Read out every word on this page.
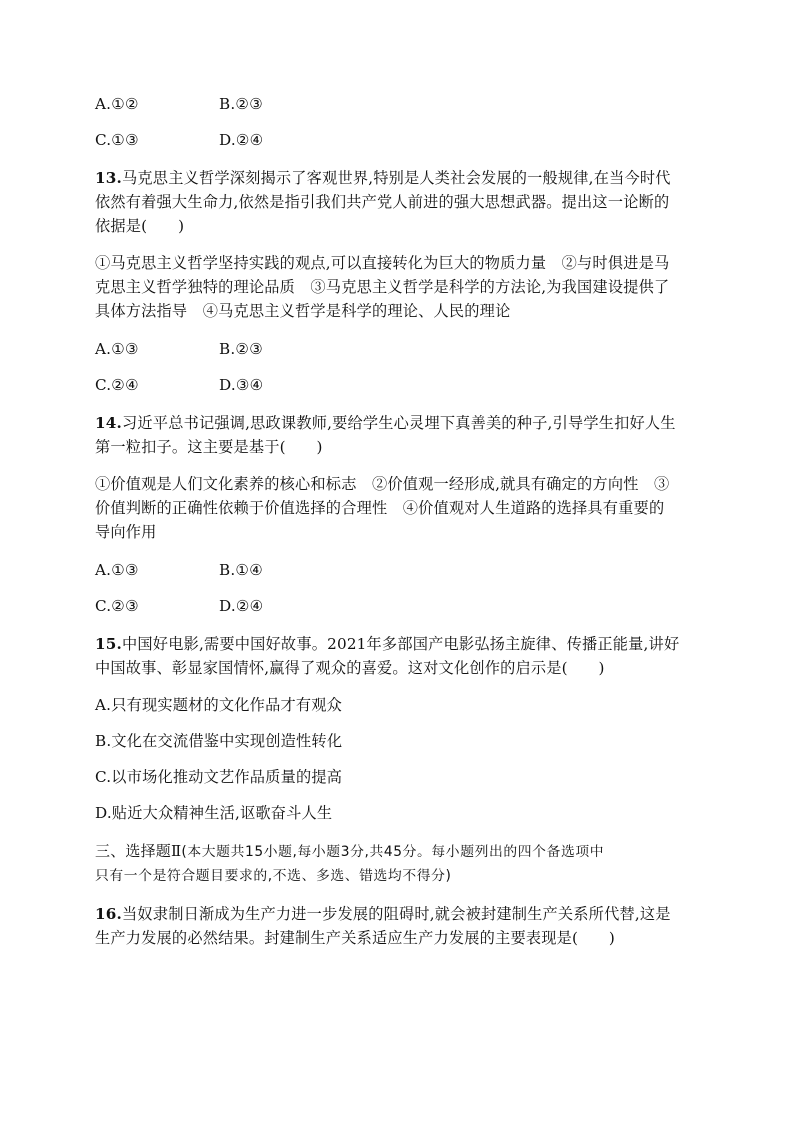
A.①②	B.②③
C.①③	D.②④
13.马克思主义哲学深刻揭示了客观世界,特别是人类社会发展的一般规律,在当今时代
依然有着强大生命力,依然是指引我们共产党人前进的强大思想武器。提出这一论断的
依据是(　　)
①马克思主义哲学坚持实践的观点,可以直接转化为巨大的物质力量　②与时俱进是马
克思主义哲学独特的理论品质　③马克思主义哲学是科学的方法论,为我国建设提供了
具体方法指导　④马克思主义哲学是科学的理论、人民的理论
A.①③	B.②③
C.②④	D.③④
14.习近平总书记强调,思政课教师,要给学生心灵埋下真善美的种子,引导学生扣好人生
第一粒扣子。这主要是基于(　　)
①价值观是人们文化素养的核心和标志　②价值观一经形成,就具有确定的方向性　③
价值判断的正确性依赖于价值选择的合理性　④价值观对人生道路的选择具有重要的
导向作用
A.①③	B.①④
C.②③	D.②④
15.中国好电影,需要中国好故事。2021年多部国产电影弘扬主旋律、传播正能量,讲好
中国故事、彰显家国情怀,赢得了观众的喜爱。这对文化创作的启示是(　　)
A.只有现实题材的文化作品才有观众
B.文化在交流借鉴中实现创造性转化
C.以市场化推动文艺作品质量的提高
D.贴近大众精神生活,讴歌奋斗人生
三、选择题Ⅱ(本大题共15小题,每小题3分,共45分。每小题列出的四个备选项中
只有一个是符合题目要求的,不选、多选、错选均不得分)
16.当奴隶制日渐成为生产力进一步发展的阻碍时,就会被封建制生产关系所代替,这是
生产力发展的必然结果。封建制生产关系适应生产力发展的主要表现是(　　)
